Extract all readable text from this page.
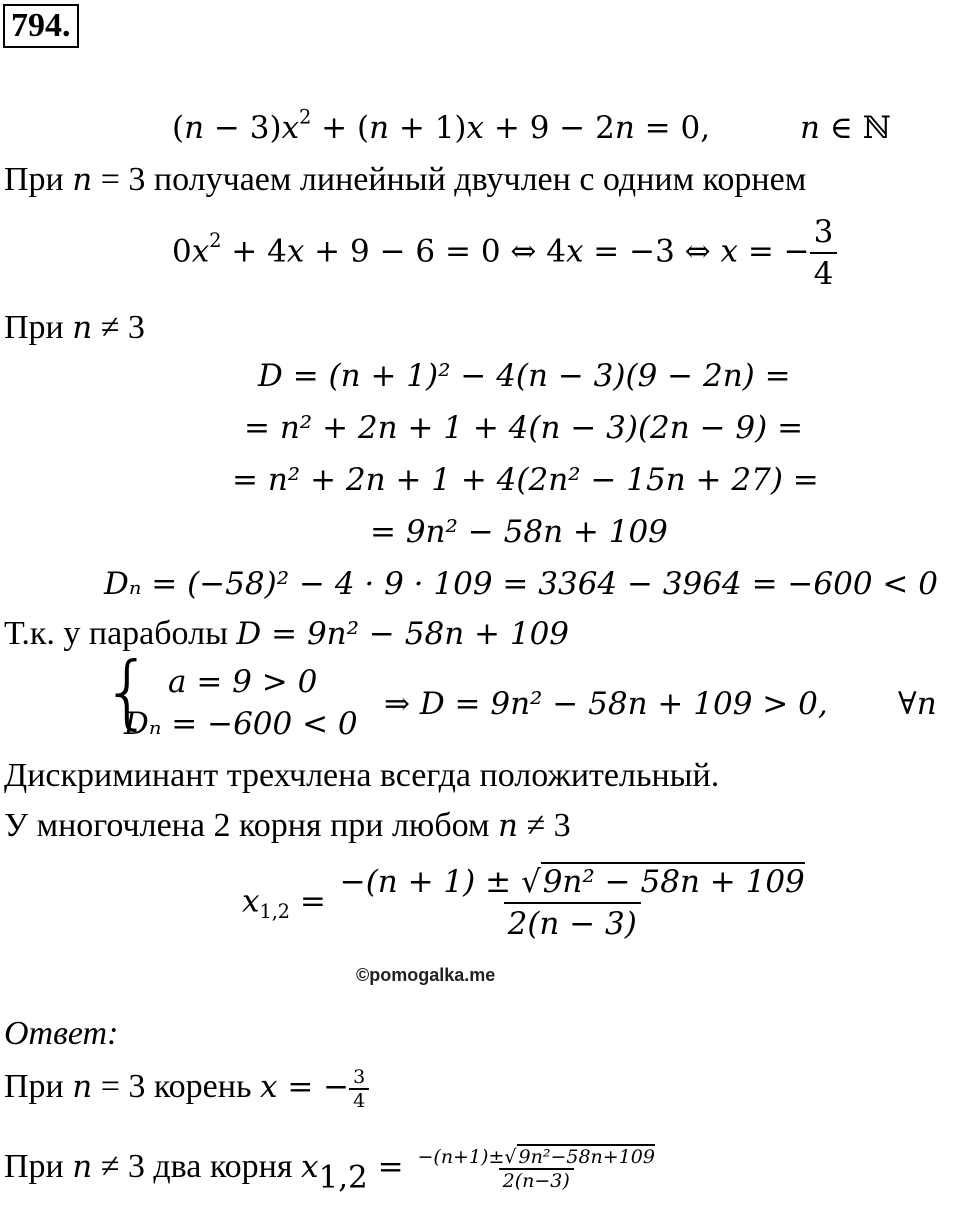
794.
$(n - 3)x^2 + (n + 1)x + 9 - 2n = 0$,	n ∈ ℕ
При n = 3 получаем линейный двучлен с одним корнем
$0x^2 + 4x + 9 - 6 = 0$ ⇔ 4x = −3 ⇔ x = − $\frac{3}{4}$
При n ≠ 3
D = (n + 1)² − 4(n − 3)(9 − 2n) =
= n² + 2n + 1 + 4(n − 3)(2n − 9) =
= n² + 2n + 1 + 4(2n² − 15n + 27) =
= 9n² − 58n + 109
Dₙ = (−58)² − 4 · 9 · 109 = 3364 − 3964 = −600 < 0
Т.к. у параболы D = 9n² − 58n + 109
{ a = 9 > 0
Dₙ = −600 < 0
⇒ D = 9n² − 58n + 109 > 0, ∀n
Дискриминант трехчлена всегда положительный.
У многочлена 2 корня при любом n ≠ 3
$x_{1,2} = \frac{\text{−(n + 1) ± √9n² − 58n + 109}}{2(n - 3)}$
©pomogalka.me
Ответ:
При n = 3 корень x = − $\frac{3}{4}$
При n ≠ 3 два корня $x_{1,2} = \frac{\text{−(n+1)±√ 9n²−58n+109}}{2(n-3)}$
